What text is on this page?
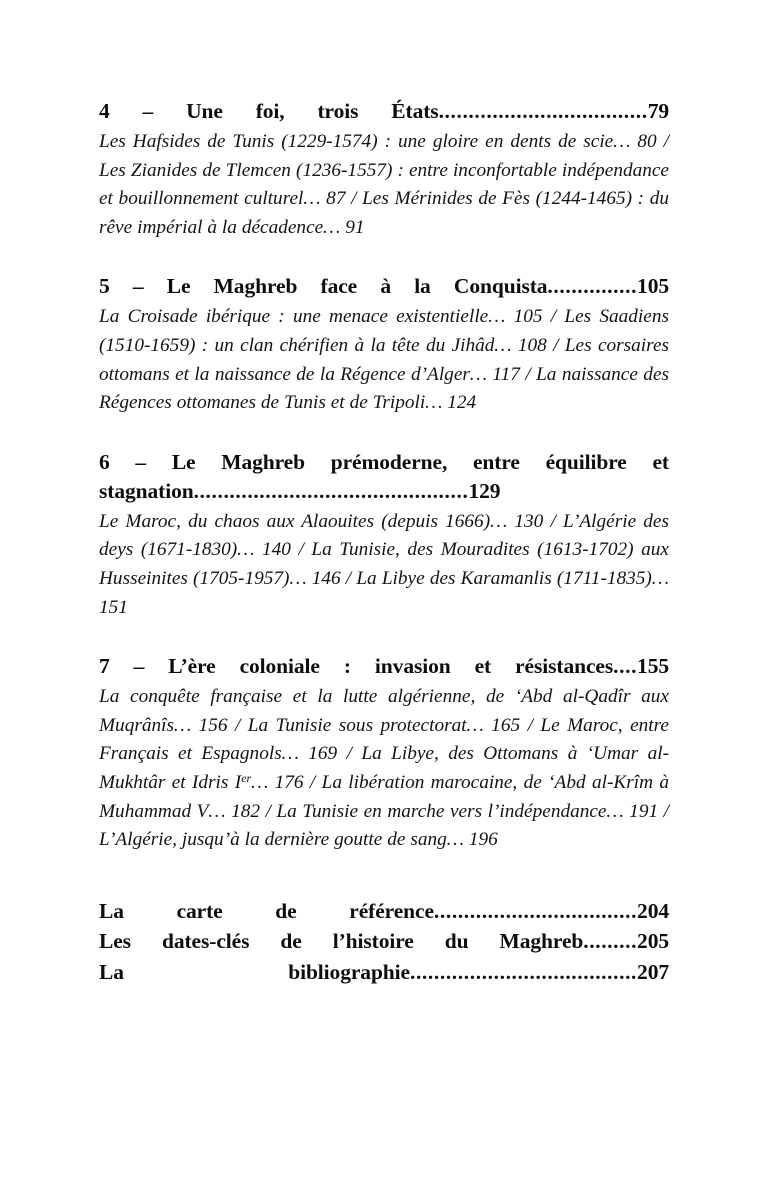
4 – Une foi, trois États...................................79

Les Hafsides de Tunis (1229-1574) : une gloire en dents de scie… 80 / Les Zianides de Tlemcen (1236-1557) : entre inconfortable indépendance et bouillonnement culturel… 87 / Les Mérinides de Fès (1244-1465) : du rêve impérial à la décadence… 91

5 – Le Maghreb face à la Conquista...............105

La Croisade ibérique : une menace existentielle… 105 / Les Saadiens (1510-1659) : un clan chérifien à la tête du Jihâd… 108 / Les corsaires ottomans et la naissance de la Régence d’Alger… 117 / La naissance des Régences ottomanes de Tunis et de Tripoli… 124

6 – Le Maghreb prémoderne, entre équilibre et stagnation..............................................129

Le Maroc, du chaos aux Alaouites (depuis 1666)… 130 / L’Algérie des deys (1671-1830)… 140 / La Tunisie, des Mouradites (1613-1702) aux Husseinites (1705-1957)… 146 / La Libye des Karamanlis (1711-1835)… 151

7 – L’ère coloniale : invasion et résistances....155

La conquête française et la lutte algérienne, de ‘Abd al-Qadîr aux Muqrânîs… 156 / La Tunisie sous protectorat… 165 / Le Maroc, entre Français et Espagnols… 169 / La Libye, des Ottomans à ‘Umar al-Mukhtâr et Idris Ier… 176 / La libération marocaine, de ‘Abd al-Krîm à Muhammad V… 182 / La Tunisie en marche vers l’indépendance… 191 / L’Algérie, jusqu’à la dernière goutte de sang… 196

La carte de référence..................................204
Les dates-clés de l’histoire du Maghreb.........205
La bibliographie......................................207
